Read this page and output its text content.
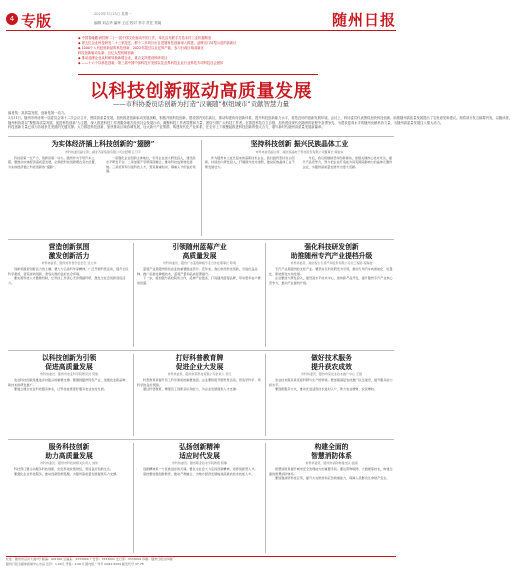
4 专版	2023年3月13日 星期一
编辑 刘志华 编审 王红 校对 李平 责任 郑闻	随州日报
◆ 中国春晚藏·跨国杯二十一届中国文化驱动中国工作，率先宣布联手打造本村工业机器制造
◆ 第五位企业科技研发二十三家技艺，都十二年项目出自进展科技创新深入推进，品牌出口转型示范的高新区
◆ 1000个入有经营新品的科技创新，2022年超过以百亿的产能，参与行政区域高新区
科技创新驱动从新、百亿大型机械创新
◆ 推动品牌企业从科研转换新增企业，重点支持建设科研项目
◆ ——十六个以科技创新，第三届中国中部科技开发园以及业界科技企业行业科技专项科技社会团体
以科技创新驱动高质量发展
——市科协委员话创新为打造“汉襄随”枢纽城市“贡献智慧力量
编者按：高质量发展，创新是第一动力。
3月11日，随州市科协第一届委员会第十二次会议召开，围绕高质量发展，加快推进创新驱动发展战略，积极开展科技创新，建设国内知名新区，推动构建协同创新体系，提升科技创新能力水平，营造良好的创新发展环境。会议上，科协委员代表围绕加快科技创新，助推随州高质量发展提出了宝贵意见和建议。现将部分发言摘要刊发，以飨读者。
随州科协将以“聚焦高质量发展，促进科技创新”为主题，深入推进科技工作者服务地方经济社会发展行动，凝聚科技工作者智慧和力量，团结引领广大科技工作者，在推进科技自立自强、加快建设现代化随州的征程中奋勇争先，为建设更高水平的随州贡献科协力量，为随州高质量发展注入强大动力。
科技创新力量已成为各地争先发展的关键支撑。大力推进科技创新，加快推动区域协调发展，壮大新兴产业集群，构建现代化产业体系，在全市上下凝聚起推进科技创新的强大合力，谱写新时代随州高质量发展新篇章。
为实体经济插上科技创新的“翅膀”
市科协委员副主席、湖北齐星集团有限公司总经理 江月平

科技是第一生产力，创新是第一动力。随州作为专用汽车之都，要推动实体经济高质量发展，必须把科技创新摆在突出位置，为实体经济插上科技创新的“翅膀”。

一是强化企业创新主体地位，引导企业加大研发投入，建设高水平研发平台。二是加强产学研深度融合，推动科技成果转化落地。三是培育和引进科技人才，营造尊重知识、尊重人才的良好氛围。

坚持科技创新 振兴民族晶体工业
市科协委员副主席、湖北泰晶电子科技股份有限公司董事长 喻信东

作为随州本土成长起来的高新技术企业，我们始终坚持自主创新，持续加大研发投入，打破国外技术垄断，推动民族晶体工业不断发展壮大。

今后，我们将继续坚持创新驱动，加强关键核心技术攻关，提升产品竞争力，努力把企业打造成为具有国际影响力的晶体元器件企业，为随州高质量发展作出更大贡献。

营造创新氛围
激发创新活力
市科协委员、随州市科普学会会长 张立华

创新氛围是创新活力的土壤。要大力弘扬科学家精神，广泛开展科普活动，提升全民科学素质，营造崇尚创新、宽容失败的良好社会环境。

要完善科技人才激励机制，让科技工作者心无旁骛搞科研，激发全社会创新创造活力。

引领随州蓝莓产业
高质量发展
市科协委员、随州广水蓝莓种植专业合作社理事长 陈明

蓝莓产业是随州特色农业的重要组成部分。近年来，我们依托科技创新，引进优良品种，推广标准化种植技术，蓝莓产量和品质显著提升。

下一步，将加强与高校院所合作，延伸产业链条，打造随州蓝莓品牌，带动更多农户增收致富。

强化科技研发创新
助推随州专汽产业提档升级
市科协委员、湖北程力专用汽车股份有限公司总工程师 程海波

专汽产业是随州的支柱产业。要坚持以科技研发为引领，推动专用汽车向智能化、轻量化、新能源化方向发展。

企业要加大研发投入，建设高水平技术中心，加快新产品开发，提升随州专汽产业核心竞争力，推动产业提档升级。

以科技创新为引领
促进高质量发展
市科协委员、随州市农业科学院研究员 何俊

农业科技创新是推进乡村振兴的重要支撑。要围绕随州特色产业，加强农业新品种、新技术的研发推广。

要建立健全农业科技服务体系，让科技成果更好服务农业农村发展。

打好科普教育牌
促进企业大发展
市科协委员、随州市某科技有限公司负责人 李红

科普教育是提升员工科学素质的重要途径。企业要积极开展科普活动，营造学科学、用科学的良好氛围。

通过科普教育，增强员工创新意识和能力，为企业发展提供人才支撑。

做好技术服务
提升获农成效
市科协委员、随州市某农业技术推广中心 王强

农业技术服务是连接科研与生产的桥梁。要加强基层农技推广队伍建设，提升服务能力和水平。

要创新服务方式，推动先进适用技术进村入户，助力农业增效、农民增收。

服务科技创新
助力高质量发展
市科协委员、随州市科技局相关负责人 刘伟

科技部门要主动服务科技创新，优化科技政策供给，营造良好创新生态。

要强化企业科技服务，推动创新资源集聚，为随州高质量发展提供有力支撑。

弘扬创新精神
适应时代发展
市科协委员、随州职业技术学院教授 陈静

创新精神是一个民族进步的灵魂。要在全社会大力弘扬创新精神，培养创新型人才。

高校要加强创新教育，推动产教融合，为地方经济发展输送高素质技术技能人才。

构建全面的
智慧消防体系
市科协委员、随州市消防救援支队 赵刚

智慧消防是提升城市安全治理能力的重要手段。要运用物联网、大数据等技术，构建全面的智慧消防体系。

要加强消防科技应用，提升火灾防控和应急救援能力，保障人民群众生命财产安全。

社址：随州市沿河大道7号 邮编：441300 总编室：3333000 广告部：3333001 发行部：3333002 印刷：随州日报社印刷厂
随州日报全媒体新闻中心出品 定价：1.00元 零售：2.00元 国内统一刊号 CN42-0059 邮发代号 37-78
